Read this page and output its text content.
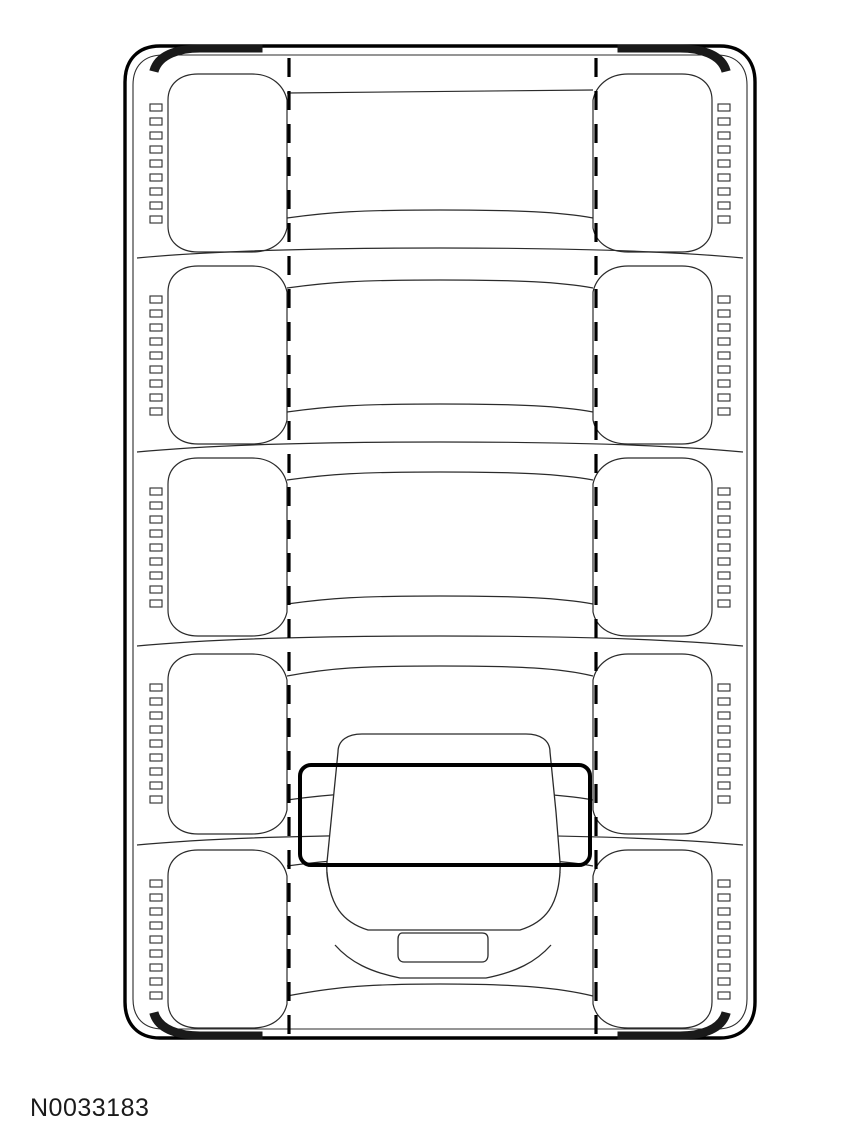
N0033183
